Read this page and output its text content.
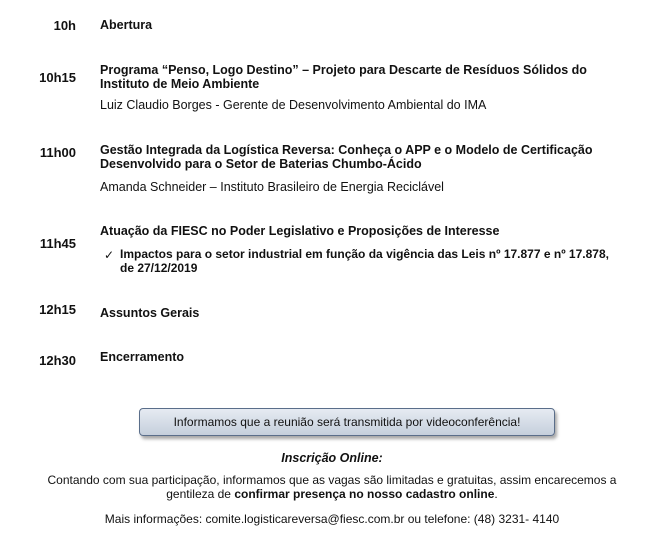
10h Abertura
10h15 Programa “Penso, Logo Destino” – Projeto para Descarte de Resíduos Sólidos do Instituto de Meio Ambiente
Luiz Claudio Borges - Gerente de Desenvolvimento Ambiental do IMA
11h00 Gestão Integrada da Logística Reversa: Conheça o APP e o Modelo de Certificação Desenvolvido para o Setor de Baterias Chumbo-Ácido
Amanda Schneider – Instituto Brasileiro de Energia Reciclável
11h45
Atuação da FIESC no Poder Legislativo e Proposições de Interesse
✓ Impactos para o setor industrial em função da vigência das Leis nº 17.877 e nº 17.878, de 27/12/2019
12h15 Assuntos Gerais
12h30 Encerramento
Informamos que a reunião será transmitida por videoconferência!
Inscrição Online:
Contando com sua participação, informamos que as vagas são limitadas e gratuitas, assim encarecemos a gentileza de confirmar presença no nosso cadastro online.
Mais informações: comite.logisticareversa@fiesc.com.br ou telefone: (48) 3231- 4140
